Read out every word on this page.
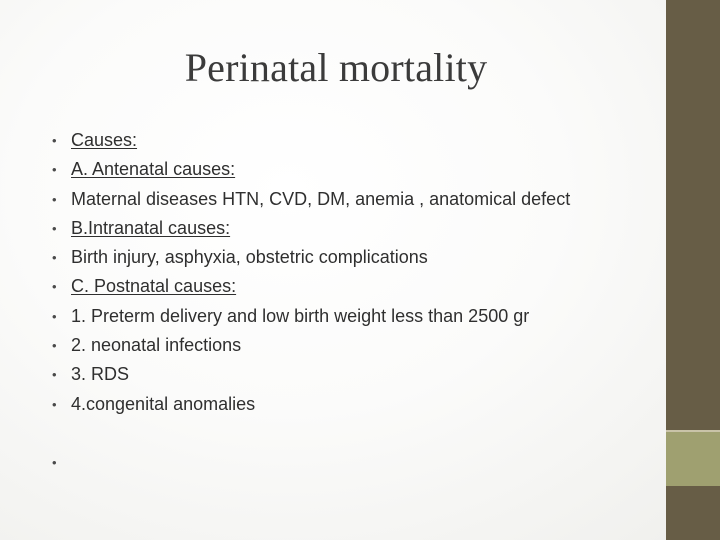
Perinatal mortality
• Causes:
• A. Antenatal causes:
• Maternal diseases HTN, CVD, DM, anemia , anatomical defect
• B.Intranatal causes:
• Birth injury, asphyxia, obstetric complications
• C. Postnatal causes:
• 1. Preterm delivery and low birth weight less than 2500 gr
• 2. neonatal infections
• 3. RDS
• 4.congenital anomalies
•
